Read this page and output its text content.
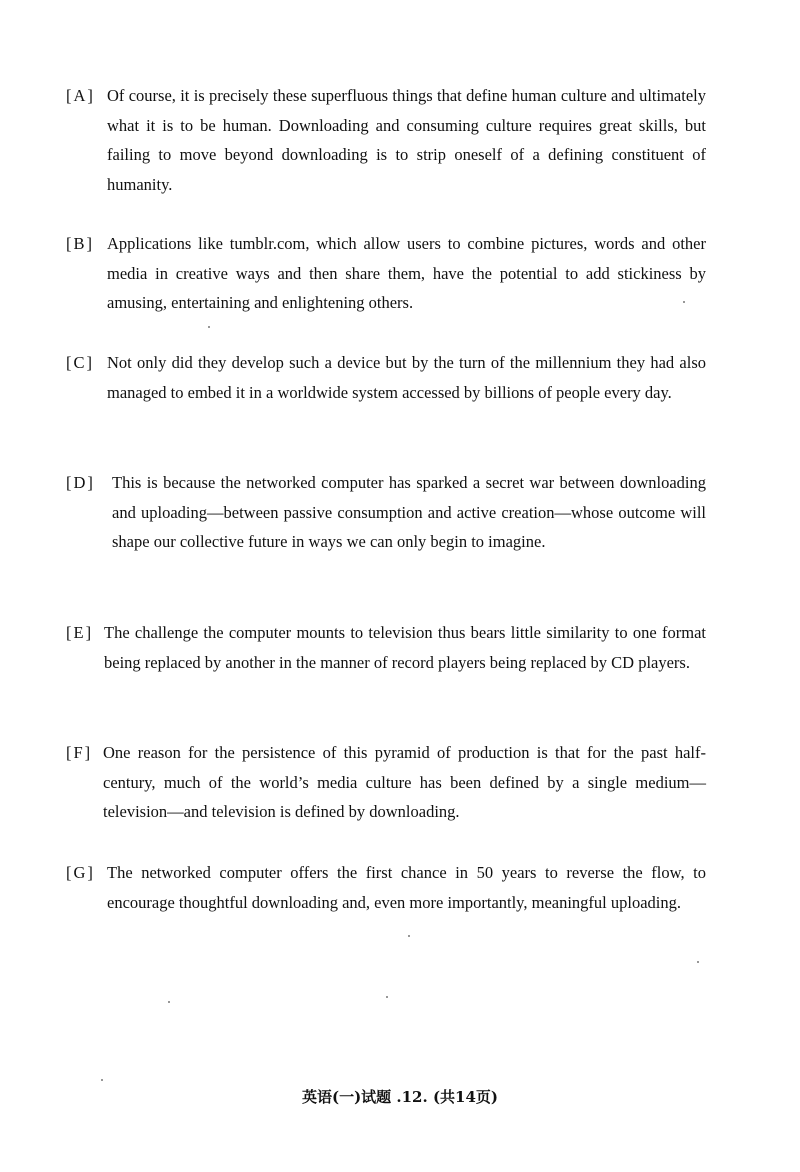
[A] Of course, it is precisely these superfluous things that define human culture and ultimately what it is to be human. Downloading and consuming culture requires great skills, but failing to move beyond downloading is to strip oneself of a defining constituent of humanity.
[B] Applications like tumblr.com, which allow users to combine pictures, words and other media in creative ways and then share them, have the potential to add stickiness by amusing, entertaining and enlightening others.
[C] Not only did they develop such a device but by the turn of the millennium they had also managed to embed it in a worldwide system accessed by billions of people every day.
[D]	This is because the networked computer has sparked a secret war between downloading and uploading—between passive consumption and active creation—whose outcome will shape our collective future in ways we can only begin to imagine.
[E] The challenge the computer mounts to television thus bears little similarity to one format being replaced by another in the manner of record players being replaced by CD players.
[F] One reason for the persistence of this pyramid of production is that for the past half-century, much of the world’s media culture has been defined by a single medium—television—and television is defined by downloading.
[G] The networked computer offers the first chance in 50 years to reverse the flow, to encourage thoughtful downloading and, even more importantly, meaningful uploading.
英语(一)试题 .12. (共14页)
